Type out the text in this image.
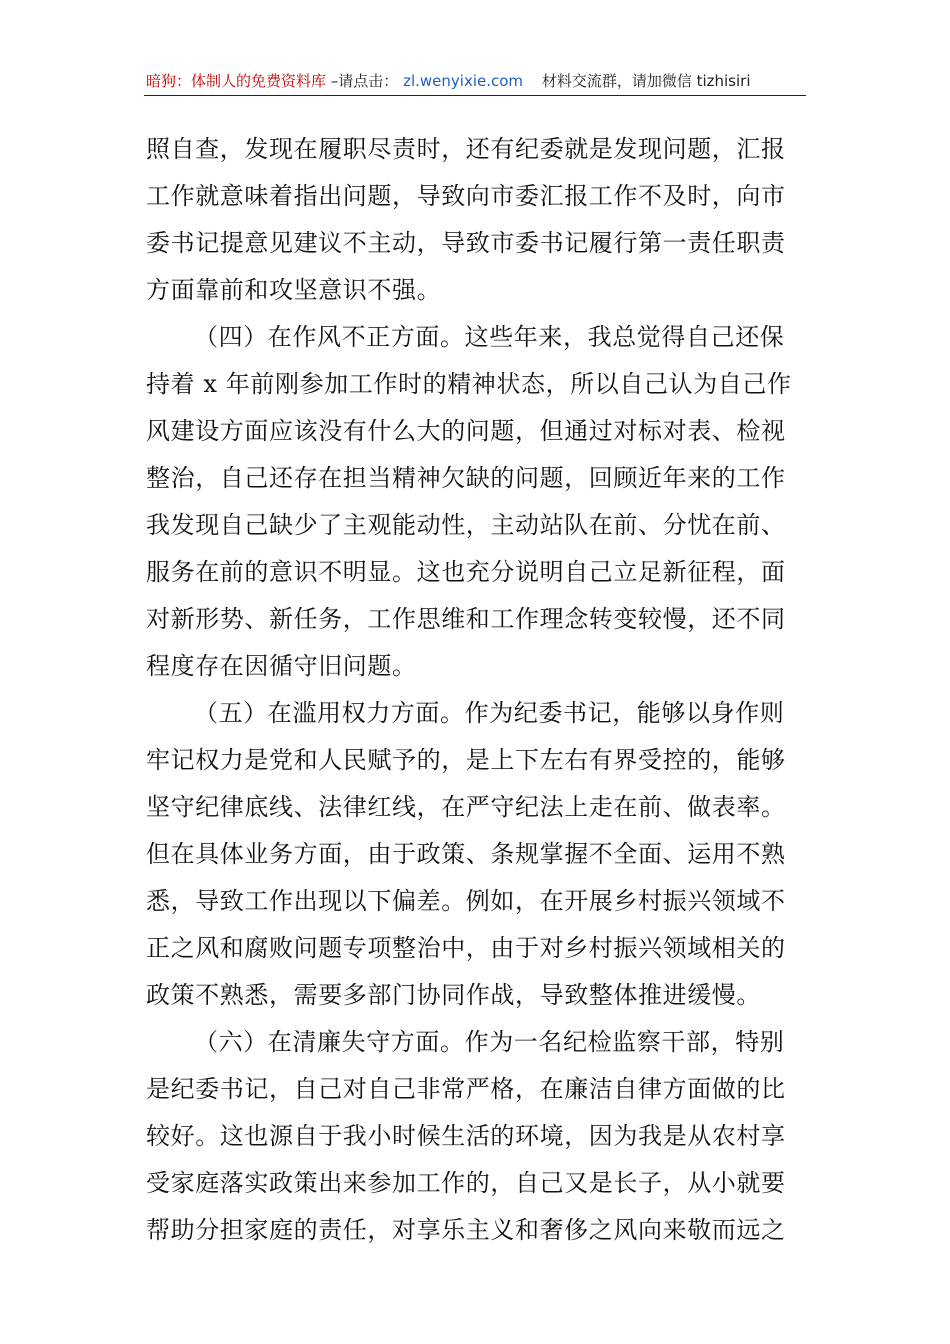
暗狗：体制人的免费资料库 –请点击： zl.wenyixie.com 材料交流群，请加微信 tizhisiri
照自查，发现在履职尽责时，还有纪委就是发现问题，汇报
工作就意味着指出问题，导致向市委汇报工作不及时，向市
委书记提意见建议不主动，导致市委书记履行第一责任职责
方面靠前和攻坚意识不强。
（四）在作风不正方面。这些年来，我总觉得自己还保
持着 x 年前刚参加工作时的精神状态，所以自己认为自己作
风建设方面应该没有什么大的问题，但通过对标对表、检视
整治，自己还存在担当精神欠缺的问题，回顾近年来的工作
我发现自己缺少了主观能动性，主动站队在前、分忧在前、
服务在前的意识不明显。这也充分说明自己立足新征程，面
对新形势、新任务，工作思维和工作理念转变较慢，还不同
程度存在因循守旧问题。
（五）在滥用权力方面。作为纪委书记，能够以身作则
牢记权力是党和人民赋予的，是上下左右有界受控的，能够
坚守纪律底线、法律红线，在严守纪法上走在前、做表率。
但在具体业务方面，由于政策、条规掌握不全面、运用不熟
悉，导致工作出现以下偏差。例如，在开展乡村振兴领域不
正之风和腐败问题专项整治中，由于对乡村振兴领域相关的
政策不熟悉，需要多部门协同作战，导致整体推进缓慢。
（六）在清廉失守方面。作为一名纪检监察干部，特别
是纪委书记，自己对自己非常严格，在廉洁自律方面做的比
较好。这也源自于我小时候生活的环境，因为我是从农村享
受家庭落实政策出来参加工作的，自己又是长子，从小就要
帮助分担家庭的责任，对享乐主义和奢侈之风向来敬而远之
